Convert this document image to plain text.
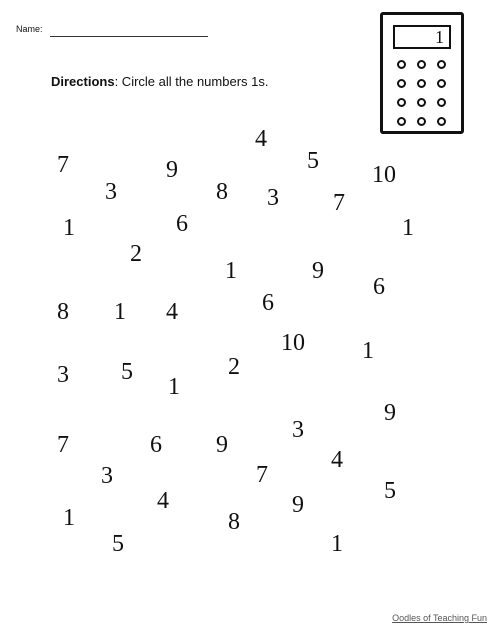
Name:
Directions: Circle all the numbers 1s.
1
4
7	9	5
10
3	8 3 7
1	6	1
2
1	9
6
6
8 1 4
10 1
3 5	2
1
9
7	6 9
3
4
3	7
5
4	9
1	8
5	1
Oodles of Teaching Fun
